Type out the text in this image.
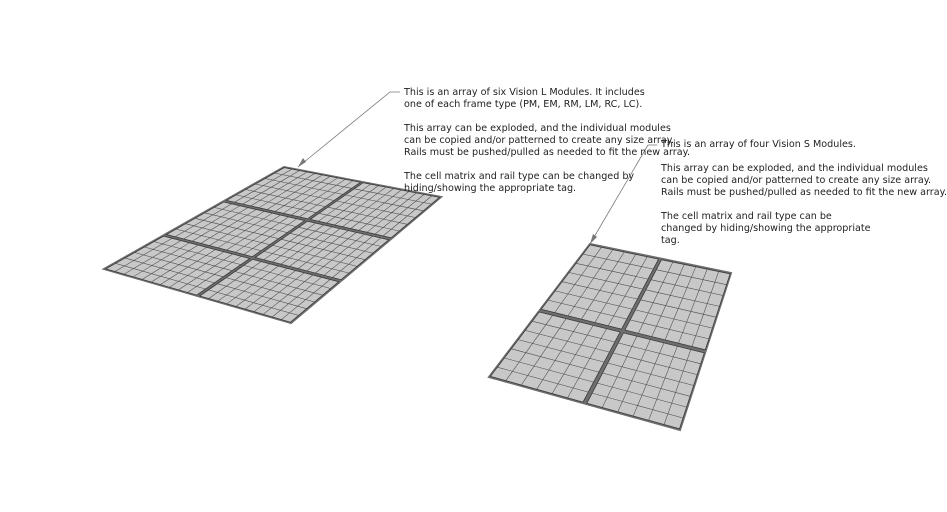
This is an array of six Vision L Modules. It includes

one of each frame type (PM, EM, RM, LM, RC, LC).

This array can be exploded, and the individual modules

can be copied and/or patterned to create any size array.

Rails must be pushed/pulled as needed to fit the new array.

The cell matrix and rail type can be changed by

hiding/showing the appropriate tag.

This is an array of four Vision S Modules.

This array can be exploded, and the individual modules

can be copied and/or patterned to create any size array.

Rails must be pushed/pulled as needed to fit the new array.

The cell matrix and rail type can be

changed by hiding/showing the appropriate

tag.
